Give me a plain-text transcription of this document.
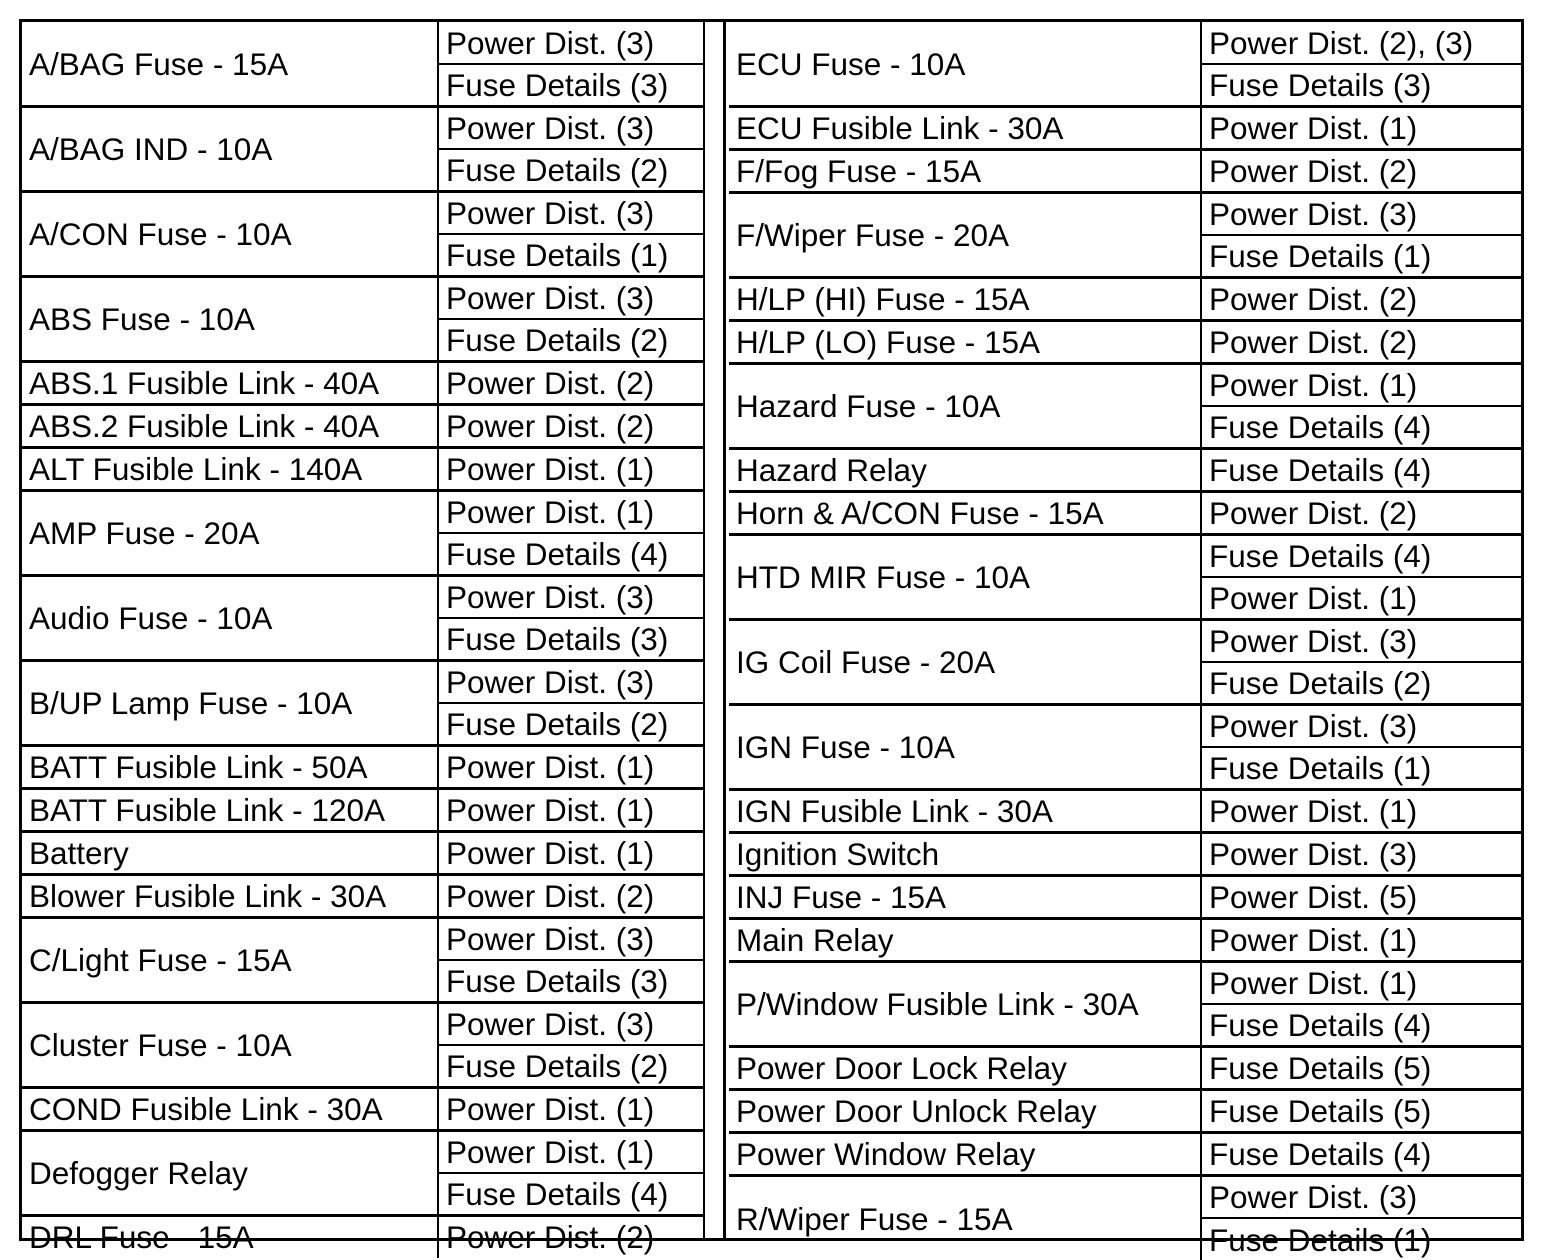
A/BAG Fuse - 15A	Power Dist. (3)
	Fuse Details (3)
A/BAG IND - 10A	Power Dist. (3)
	Fuse Details (2)
A/CON Fuse - 10A	Power Dist. (3)
	Fuse Details (1)
ABS Fuse - 10A	Power Dist. (3)
	Fuse Details (2)
ABS.1 Fusible Link - 40A	Power Dist. (2)
ABS.2 Fusible Link - 40A	Power Dist. (2)
ALT Fusible Link - 140A	Power Dist. (1)
AMP Fuse - 20A	Power Dist. (1)
	Fuse Details (4)
Audio Fuse - 10A	Power Dist. (3)
	Fuse Details (3)
B/UP Lamp Fuse - 10A	Power Dist. (3)
	Fuse Details (2)
BATT Fusible Link - 50A	Power Dist. (1)
BATT Fusible Link - 120A	Power Dist. (1)
Battery	Power Dist. (1)
Blower Fusible Link - 30A	Power Dist. (2)
C/Light Fuse - 15A	Power Dist. (3)
	Fuse Details (3)
Cluster Fuse - 10A	Power Dist. (3)
	Fuse Details (2)
COND Fusible Link - 30A	Power Dist. (1)
Defogger Relay	Power Dist. (1)
	Fuse Details (4)
DRL Fuse - 15A	Power Dist. (2)
ECU Fuse - 10A	Power Dist. (2), (3)
	Fuse Details (3)
ECU Fusible Link - 30A	Power Dist. (1)
F/Fog Fuse - 15A	Power Dist. (2)
F/Wiper Fuse - 20A	Power Dist. (3)
	Fuse Details (1)
H/LP (HI) Fuse - 15A	Power Dist. (2)
H/LP (LO) Fuse - 15A	Power Dist. (2)
Hazard Fuse - 10A	Power Dist. (1)
	Fuse Details (4)
Hazard Relay	Fuse Details (4)
Horn & A/CON Fuse - 15A	Power Dist. (2)
HTD MIR Fuse - 10A	Fuse Details (4)
	Power Dist. (1)
IG Coil Fuse - 20A	Power Dist. (3)
	Fuse Details (2)
IGN Fuse - 10A	Power Dist. (3)
	Fuse Details (1)
IGN Fusible Link - 30A	Power Dist. (1)
Ignition Switch	Power Dist. (3)
INJ Fuse - 15A	Power Dist. (5)
Main Relay	Power Dist. (1)
P/Window Fusible Link - 30A	Power Dist. (1)
	Fuse Details (4)
Power Door Lock Relay	Fuse Details (5)
Power Door Unlock Relay	Fuse Details (5)
Power Window Relay	Fuse Details (4)
R/Wiper Fuse - 15A	Power Dist. (3)
	Fuse Details (1)
